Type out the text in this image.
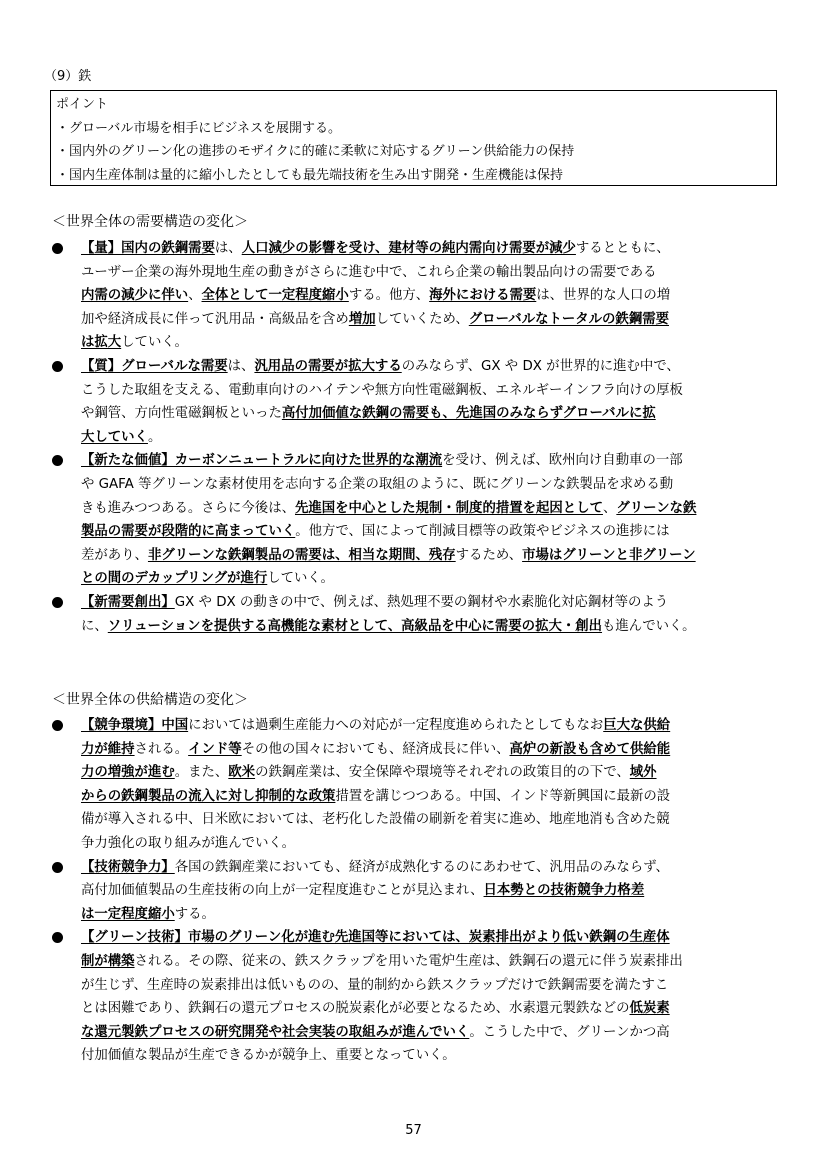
（9）鉄
ポイント
・グローバル市場を相手にビジネスを展開する。
・国内外のグリーン化の進捗のモザイクに的確に柔軟に対応するグリーン供給能力の保持
・国内生産体制は量的に縮小したとしても最先端技術を生み出す開発・生産機能は保持
＜世界全体の需要構造の変化＞
【量】国内の鉄鋼需要は、人口減少の影響を受け、建材等の純内需向け需要が減少するとともに、
ユーザー企業の海外現地生産の動きがさらに進む中で、これら企業の輸出製品向けの需要である
内需の減少に伴い、全体として一定程度縮小する。他方、海外における需要は、世界的な人口の増
加や経済成長に伴って汎用品・高級品を含め増加していくため、グローバルなトータルの鉄鋼需要
は拡大していく。
【質】グローバルな需要は、汎用品の需要が拡大するのみならず、GX や DX が世界的に進む中で、
こうした取組を支える、電動車向けのハイテンや無方向性電磁鋼板、エネルギーインフラ向けの厚板
や鋼管、方向性電磁鋼板といった高付加価値な鉄鋼の需要も、先進国のみならずグローバルに拡
大していく。
【新たな価値】カーボンニュートラルに向けた世界的な潮流を受け、例えば、欧州向け自動車の一部
や GAFA 等グリーンな素材使用を志向する企業の取組のように、既にグリーンな鉄製品を求める動
きも進みつつある。さらに今後は、先進国を中心とした規制・制度的措置を起因として、グリーンな鉄
製品の需要が段階的に高まっていく。他方で、国によって削減目標等の政策やビジネスの進捗には
差があり、非グリーンな鉄鋼製品の需要は、相当な期間、残存するため、市場はグリーンと非グリーン
との間のデカップリングが進行していく。
【新需要創出】GX や DX の動きの中で、例えば、熱処理不要の鋼材や水素脆化対応鋼材等のよう
に、ソリューションを提供する高機能な素材として、高級品を中心に需要の拡大・創出も進んでいく。
＜世界全体の供給構造の変化＞
【競争環境】中国においては過剰生産能力への対応が一定程度進められたとしてもなお巨大な供給
力が維持される。インド等その他の国々においても、経済成長に伴い、高炉の新設も含めて供給能
力の増強が進む。また、欧米の鉄鋼産業は、安全保障や環境等それぞれの政策目的の下で、域外
からの鉄鋼製品の流入に対し抑制的な政策措置を講じつつある。中国、インド等新興国に最新の設
備が導入される中、日米欧においては、老朽化した設備の刷新を着実に進め、地産地消も含めた競
争力強化の取り組みが進んでいく。
【技術競争力】各国の鉄鋼産業においても、経済が成熟化するのにあわせて、汎用品のみならず、
高付加価値製品の生産技術の向上が一定程度進むことが見込まれ、日本勢との技術競争力格差
は一定程度縮小する。
【グリーン技術】市場のグリーン化が進む先進国等においては、炭素排出がより低い鉄鋼の生産体
制が構築される。その際、従来の、鉄スクラップを用いた電炉生産は、鉄鋼石の還元に伴う炭素排出
が生じず、生産時の炭素排出は低いものの、量的制約から鉄スクラップだけで鉄鋼需要を満たすこ
とは困難であり、鉄鋼石の還元プロセスの脱炭素化が必要となるため、水素還元製鉄などの低炭素
な還元製鉄プロセスの研究開発や社会実装の取組みが進んでいく。こうした中で、グリーンかつ高
付加価値な製品が生産できるかが競争上、重要となっていく。
57
